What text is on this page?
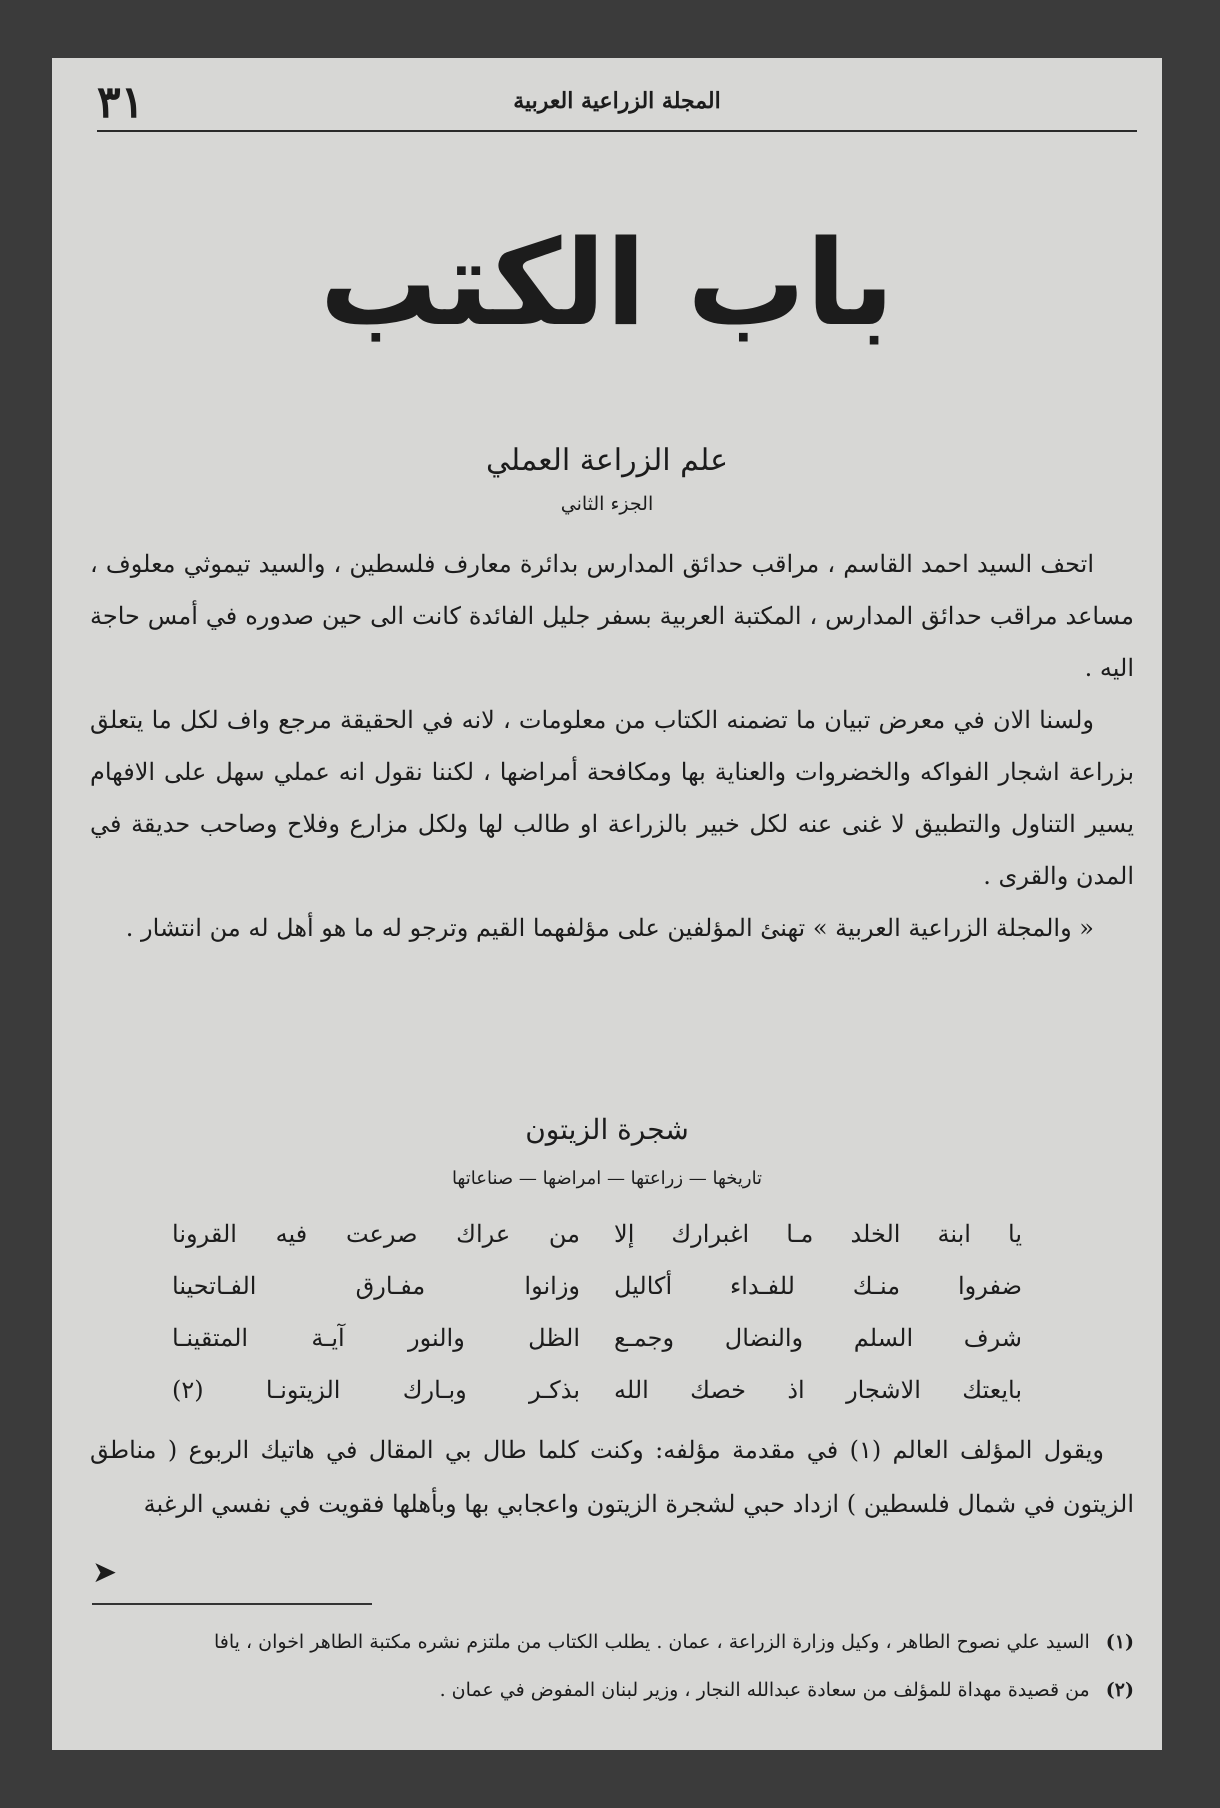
٣١	المجلة الزراعية العربية
باب الكتب
علم الزراعة العملي
الجزء الثاني

اتحف السيد احمد القاسم ، مراقب حدائق المدارس بدائرة معارف فلسطين ، والسيد تيموثي معلوف ، مساعد مراقب حدائق المدارس ، المكتبة العربية بسفر جليل الفائدة كانت الى حين صدوره في أمس حاجة اليه .

ولسنا الان في معرض تبيان ما تضمنه الكتاب من معلومات ، لانه في الحقيقة مرجع واف لكل ما يتعلق بزراعة اشجار الفواكه والخضروات والعناية بها ومكافحة أمراضها ، لكننا نقول انه عملي سهل على الافهام يسير التناول والتطبيق لا غنى عنه لكل خبير بالزراعة او طالب لها ولكل مزارع وفلاح وصاحب حديقة في المدن والقرى .

« والمجلة الزراعية العربية » تهنئ المؤلفين على مؤلفهما القيم وترجو له ما هو أهل له من انتشار .

شجرة الزيتون
تاريخها — زراعتها — امراضها — صناعاتها
يا ابنة الخلد مـا اغبرارك إلا
من عراك صرعت فيه القرونا
ضفروا منـك للفـداء أكاليل
وزانوا مفـارق الفـاتحينا
شرف السلم والنضال وجمـع
الظل والنور آيـة المتقينـا
بايعتك الاشجار اذ خصك الله
بذكـر وبـارك الزيتونـا (٢)

ويقول المؤلف العالم (١) في مقدمة مؤلفه: وكنت كلما طال بي المقال في هاتيك الربوع ( مناطق الزيتون في شمال فلسطين ) ازداد حبي لشجرة الزيتون واعجابي بها وبأهلها فقويت في نفسي الرغبة

➤
(١) السيد علي نصوح الطاهر ، وكيل وزارة الزراعة ، عمان . يطلب الكتاب من ملتزم نشره مكتبة الطاهر اخوان ، يافا
(٢) من قصيدة مهداة للمؤلف من سعادة عبدالله النجار ، وزير لبنان المفوض في عمان .
